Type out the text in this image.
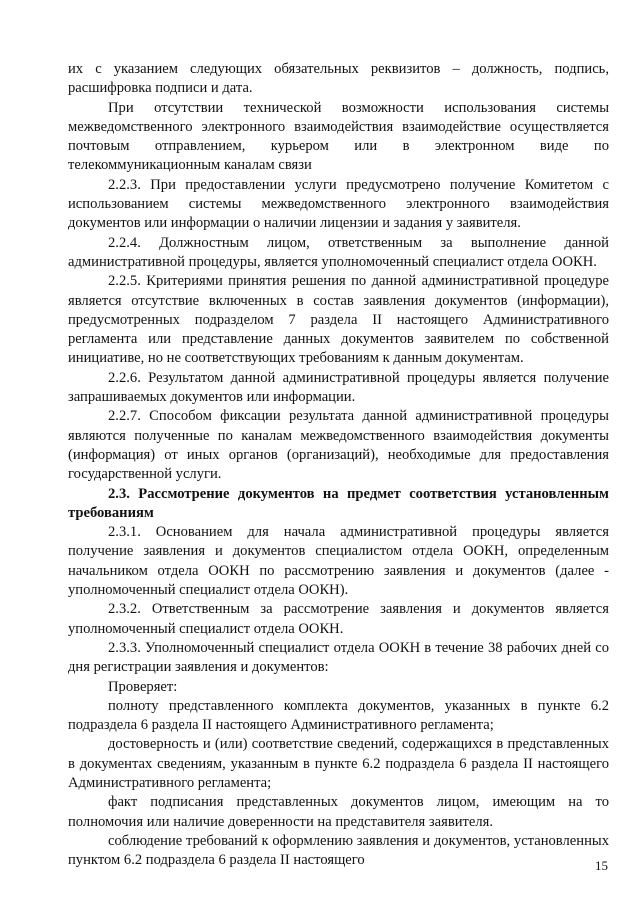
их с указанием следующих обязательных реквизитов – должность, подпись, расшифровка подписи и дата.

При отсутствии технической возможности использования системы межведомственного электронного взаимодействия взаимодействие осуществляется почтовым отправлением, курьером или в электронном виде по телекоммуникационным каналам связи

2.2.3. При предоставлении услуги предусмотрено получение Комитетом с использованием системы межведомственного электронного взаимодействия документов или информации о наличии лицензии и задания у заявителя.

2.2.4. Должностным лицом, ответственным за выполнение данной административной процедуры, является уполномоченный специалист отдела ООКН.

2.2.5. Критериями принятия решения по данной административной процедуре является отсутствие включенных в состав заявления документов (информации), предусмотренных подразделом 7 раздела II настоящего Административного регламента или представление данных документов заявителем по собственной инициативе, но не соответствующих требованиям к данным документам.

2.2.6. Результатом данной административной процедуры является получение запрашиваемых документов или информации.

2.2.7. Способом фиксации результата данной административной процедуры являются полученные по каналам межведомственного взаимодействия документы (информация) от иных органов (организаций), необходимые для предоставления государственной услуги.

2.3. Рассмотрение документов на предмет соответствия установленным требованиям

2.3.1. Основанием для начала административной процедуры является получение заявления и документов специалистом отдела ООКН, определенным начальником отдела ООКН по рассмотрению заявления и документов (далее - уполномоченный специалист отдела ООКН).

2.3.2. Ответственным за рассмотрение заявления и документов является уполномоченный специалист отдела ООКН.

2.3.3. Уполномоченный специалист отдела ООКН в течение 38 рабочих дней со дня регистрации заявления и документов:

Проверяет:

полноту представленного комплекта документов, указанных в пункте 6.2 подраздела 6 раздела II настоящего Административного регламента;

достоверность и (или) соответствие сведений, содержащихся в представленных в документах сведениям, указанным в пункте 6.2 подраздела 6 раздела II настоящего Административного регламента;

факт подписания представленных документов лицом, имеющим на то полномочия или наличие доверенности на представителя заявителя.

соблюдение требований к оформлению заявления и документов, установленных пунктом 6.2 подраздела 6 раздела II настоящего	15
